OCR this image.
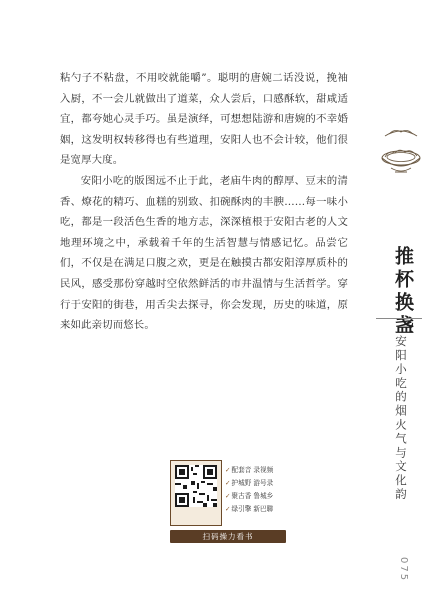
粘勺子不粘盘，不用咬就能嚼”。聪明的唐婉二话没说，挽袖入厨，不一会儿就做出了道菜，众人尝后，口感酥软，甜咸适宜，都夸她心灵手巧。虽是演绎，可想想陆游和唐婉的不幸婚姻，这发明权转移得也有些道理，安阳人也不会计较，他们很是宽厚大度。

安阳小吃的版图远不止于此，老庙牛肉的醇厚、豆末的清香、燎花的精巧、血糕的别致、扣碗酥肉的丰腴……每一味小吃，都是一段活色生香的地方志，深深植根于安阳古老的人文地理环境之中，承载着千年的生活智慧与情感记忆。品尝它们，不仅是在满足口腹之欢，更是在触摸古都安阳淳厚质朴的民风，感受那份穿越时空依然鲜活的市井温情与生活哲学。穿行于安阳的街巷，用舌尖去探寻，你会发现，历史的味道，原来如此亲切而悠长。	推杯换盏
安阳小吃的烟火气与文化韵
✓配套音 录视频
✓护城野 游号录
✓聚古香 鲁城乡
✓绿引擎 新巴聯
扫码操力看书
075
